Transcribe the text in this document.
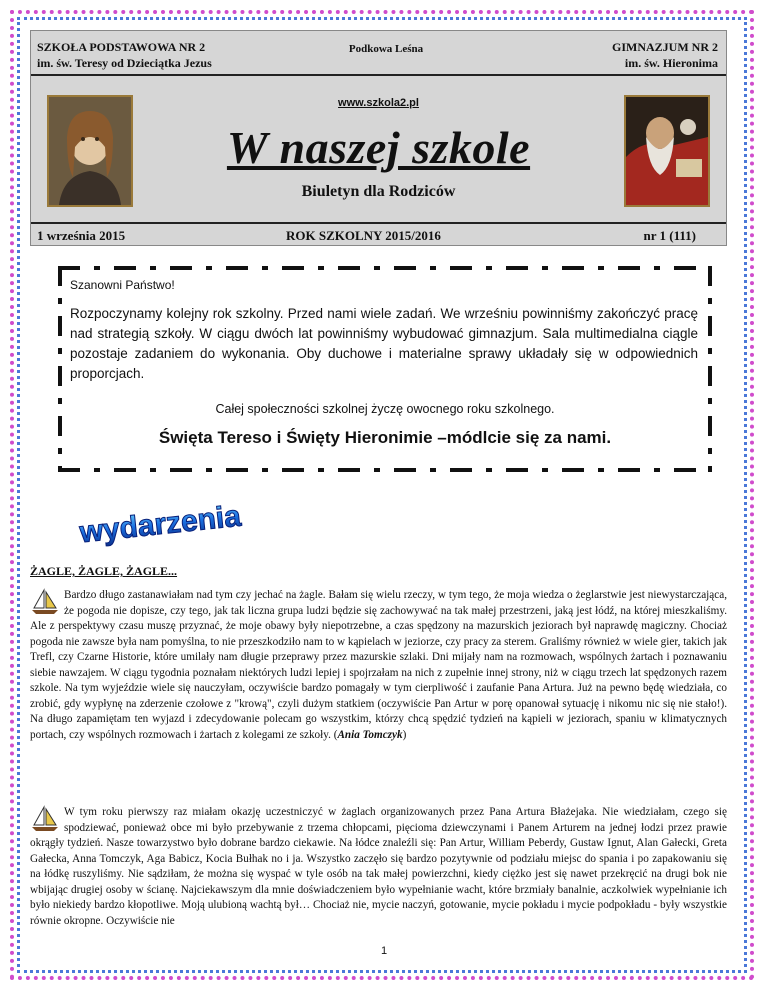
SZKOŁA PODSTAWOWA NR 2
im. św. Teresy od Dzieciątka Jezus
Podkowa Leśna	GIMNAZJUM NR 2
im. św. Hieronima
www.szkola2.pl
W naszej szkole
Biuletyn dla Rodziców
1 września 2015	ROK SZKOLNY 2015/2016	nr 1 (111)
Szanowni Państwo!
Rozpoczynamy kolejny rok szkolny. Przed nami wiele zadań. We wrześniu powinniśmy zakończyć pracę nad strategią szkoły. W ciągu dwóch lat powinniśmy wybudować gimnazjum. Sala multimedialna ciągle pozostaje zadaniem do wykonania. Oby duchowe i materialne sprawy układały się w odpowiednich proporcjach.
Całej społeczności szkolnej życzę owocnego roku szkolnego.
Święta Tereso i Święty Hieronimie –módlcie się za nami.
wydarzenia
ŻAGLE, ŻAGLE, ŻAGLE...
Bardzo długo zastanawiałam nad tym czy jechać na żagle. Bałam się wielu rzeczy, w tym tego, że moja wiedza o żeglarstwie jest niewystarczająca, że pogoda nie dopisze, czy tego, jak tak liczna grupa ludzi będzie się zachowywać na tak małej przestrzeni, jaką jest łódź, na której mieszkaliśmy. Ale z perspektywy czasu muszę przyznać, że moje obawy były niepotrzebne, a czas spędzony na mazurskich jeziorach był naprawdę magiczny. Chociaż pogoda nie zawsze była nam pomyślna, to nie przeszkodziło nam to w kąpielach w jeziorze, czy pracy za sterem. Graliśmy również w wiele gier, takich jak Trefl, czy Czarne Historie, które umilały nam długie przeprawy przez mazurskie szlaki. Dni mijały nam na rozmowach, wspólnych żartach i poznawaniu siebie nawzajem. W ciągu tygodnia poznałam niektórych ludzi lepiej i spojrzałam na nich z zupełnie innej strony, niż w ciągu trzech lat spędzonych razem szkole. Na tym wyjeździe wiele się nauczyłam, oczywiście bardzo pomagały w tym cierpliwość i zaufanie Pana Artura. Już na pewno będę wiedziała, co zrobić, gdy wypłynę na zderzenie czołowe z "krową", czyli dużym statkiem (oczywiście Pan Artur w porę opanował sytuację i nikomu nic się nie stało!). Na długo zapamiętam ten wyjazd i zdecydowanie polecam go wszystkim, którzy chcą spędzić tydzień na kąpieli w jeziorach, spaniu w klimatycznych portach, czy wspólnych rozmowach i żartach z kolegami ze szkoły. (Ania Tomczyk)
W tym roku pierwszy raz miałam okazję uczestniczyć w żaglach organizowanych przez Pana Artura Błażejaka. Nie wiedziałam, czego się spodziewać, ponieważ obce mi było przebywanie z trzema chłopcami, pięcioma dziewczynami i Panem Arturem na jednej łodzi przez prawie okrągły tydzień. Nasze towarzystwo było dobrane bardzo ciekawie. Na łódce znaleźli się: Pan Artur, William Peberdy, Gustaw Ignut, Alan Gałecki, Greta Gałecka, Anna Tomczyk, Aga Babicz, Kocia Bułhak no i ja. Wszystko zaczęło się bardzo pozytywnie od podziału miejsc do spania i po zapakowaniu się na łódkę ruszyliśmy. Nie sądziłam, że można się wyspać w tyle osób na tak małej powierzchni, kiedy ciężko jest się nawet przekręcić na drugi bok nie wbijając drugiej osoby w ścianę. Najciekawszym dla mnie doświadczeniem było wypełnianie wacht, które brzmiały banalnie, aczkolwiek wypełnianie ich było niekiedy bardzo kłopotliwe. Moją ulubioną wachtą był… Chociaż nie, mycie naczyń, gotowanie, mycie pokładu i mycie podpokładu - były wszystkie równie okropne. Oczywiście nie
1
